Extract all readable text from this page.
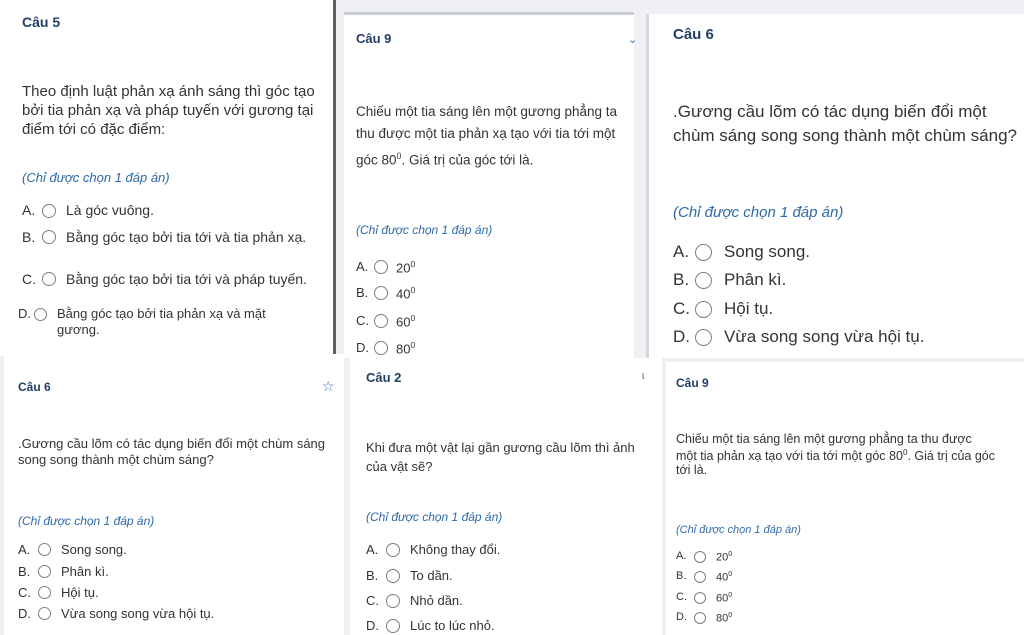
Câu 5
Theo định luật phản xạ ánh sáng thì góc tạo bởi tia phản xạ và pháp tuyến với gương tại điểm tới có đặc điểm:
(Chỉ được chọn 1 đáp án)
A.	Là góc vuông.
B.	Bằng góc tạo bởi tia tới và tia phản xạ.
C.	Bằng góc tạo bởi tia tới và pháp tuyến.
D. Bằng góc tạo bởi tia phản xạ và mặt gương.
Câu 9	⌄
Chiếu một tia sáng lên một gương phẳng ta thu được một tia phản xạ tạo với tia tới một góc $80^0$. Giá trị của góc tới là.
(Chỉ được chọn 1 đáp án)
A.	$20^0$
B.	$40^0$
C.	$60^0$
D.	$80^0$
Câu 6
.Gương cầu lõm có tác dụng biến đổi một chùm sáng song song thành một chùm sáng?
(Chỉ được chọn 1 đáp án)
A.	Song song.
B.	Phân kì.
C. Hội tụ.
D. Vừa song song vừa hội tụ.
Câu 6	☆
.Gương cầu lõm có tác dụng biến đổi một chùm sáng song song thành một chùm sáng?
(Chỉ được chọn 1 đáp án)
A.	Song song.
B.	Phân kì.
C.	Hội tụ.
D.	Vừa song song vừa hội tụ.
Câu 2	ɩ
Khi đưa một vật lại gần gương cầu lõm thì ảnh của vật sẽ?
(Chỉ được chọn 1 đáp án)
A.	Không thay đổi.
B.	To dần.
C.	Nhỏ dần.
D.	Lúc to lúc nhỏ.
Câu 9
Chiếu một tia sáng lên một gương phẳng ta thu được một tia phản xạ tạo với tia tới một góc $80^0$. Giá trị của góc tới là.
(Chỉ được chọn 1 đáp án)
A.	$20^0$
B.	$40^0$
C.	$60^0$
D.	$80^0$
